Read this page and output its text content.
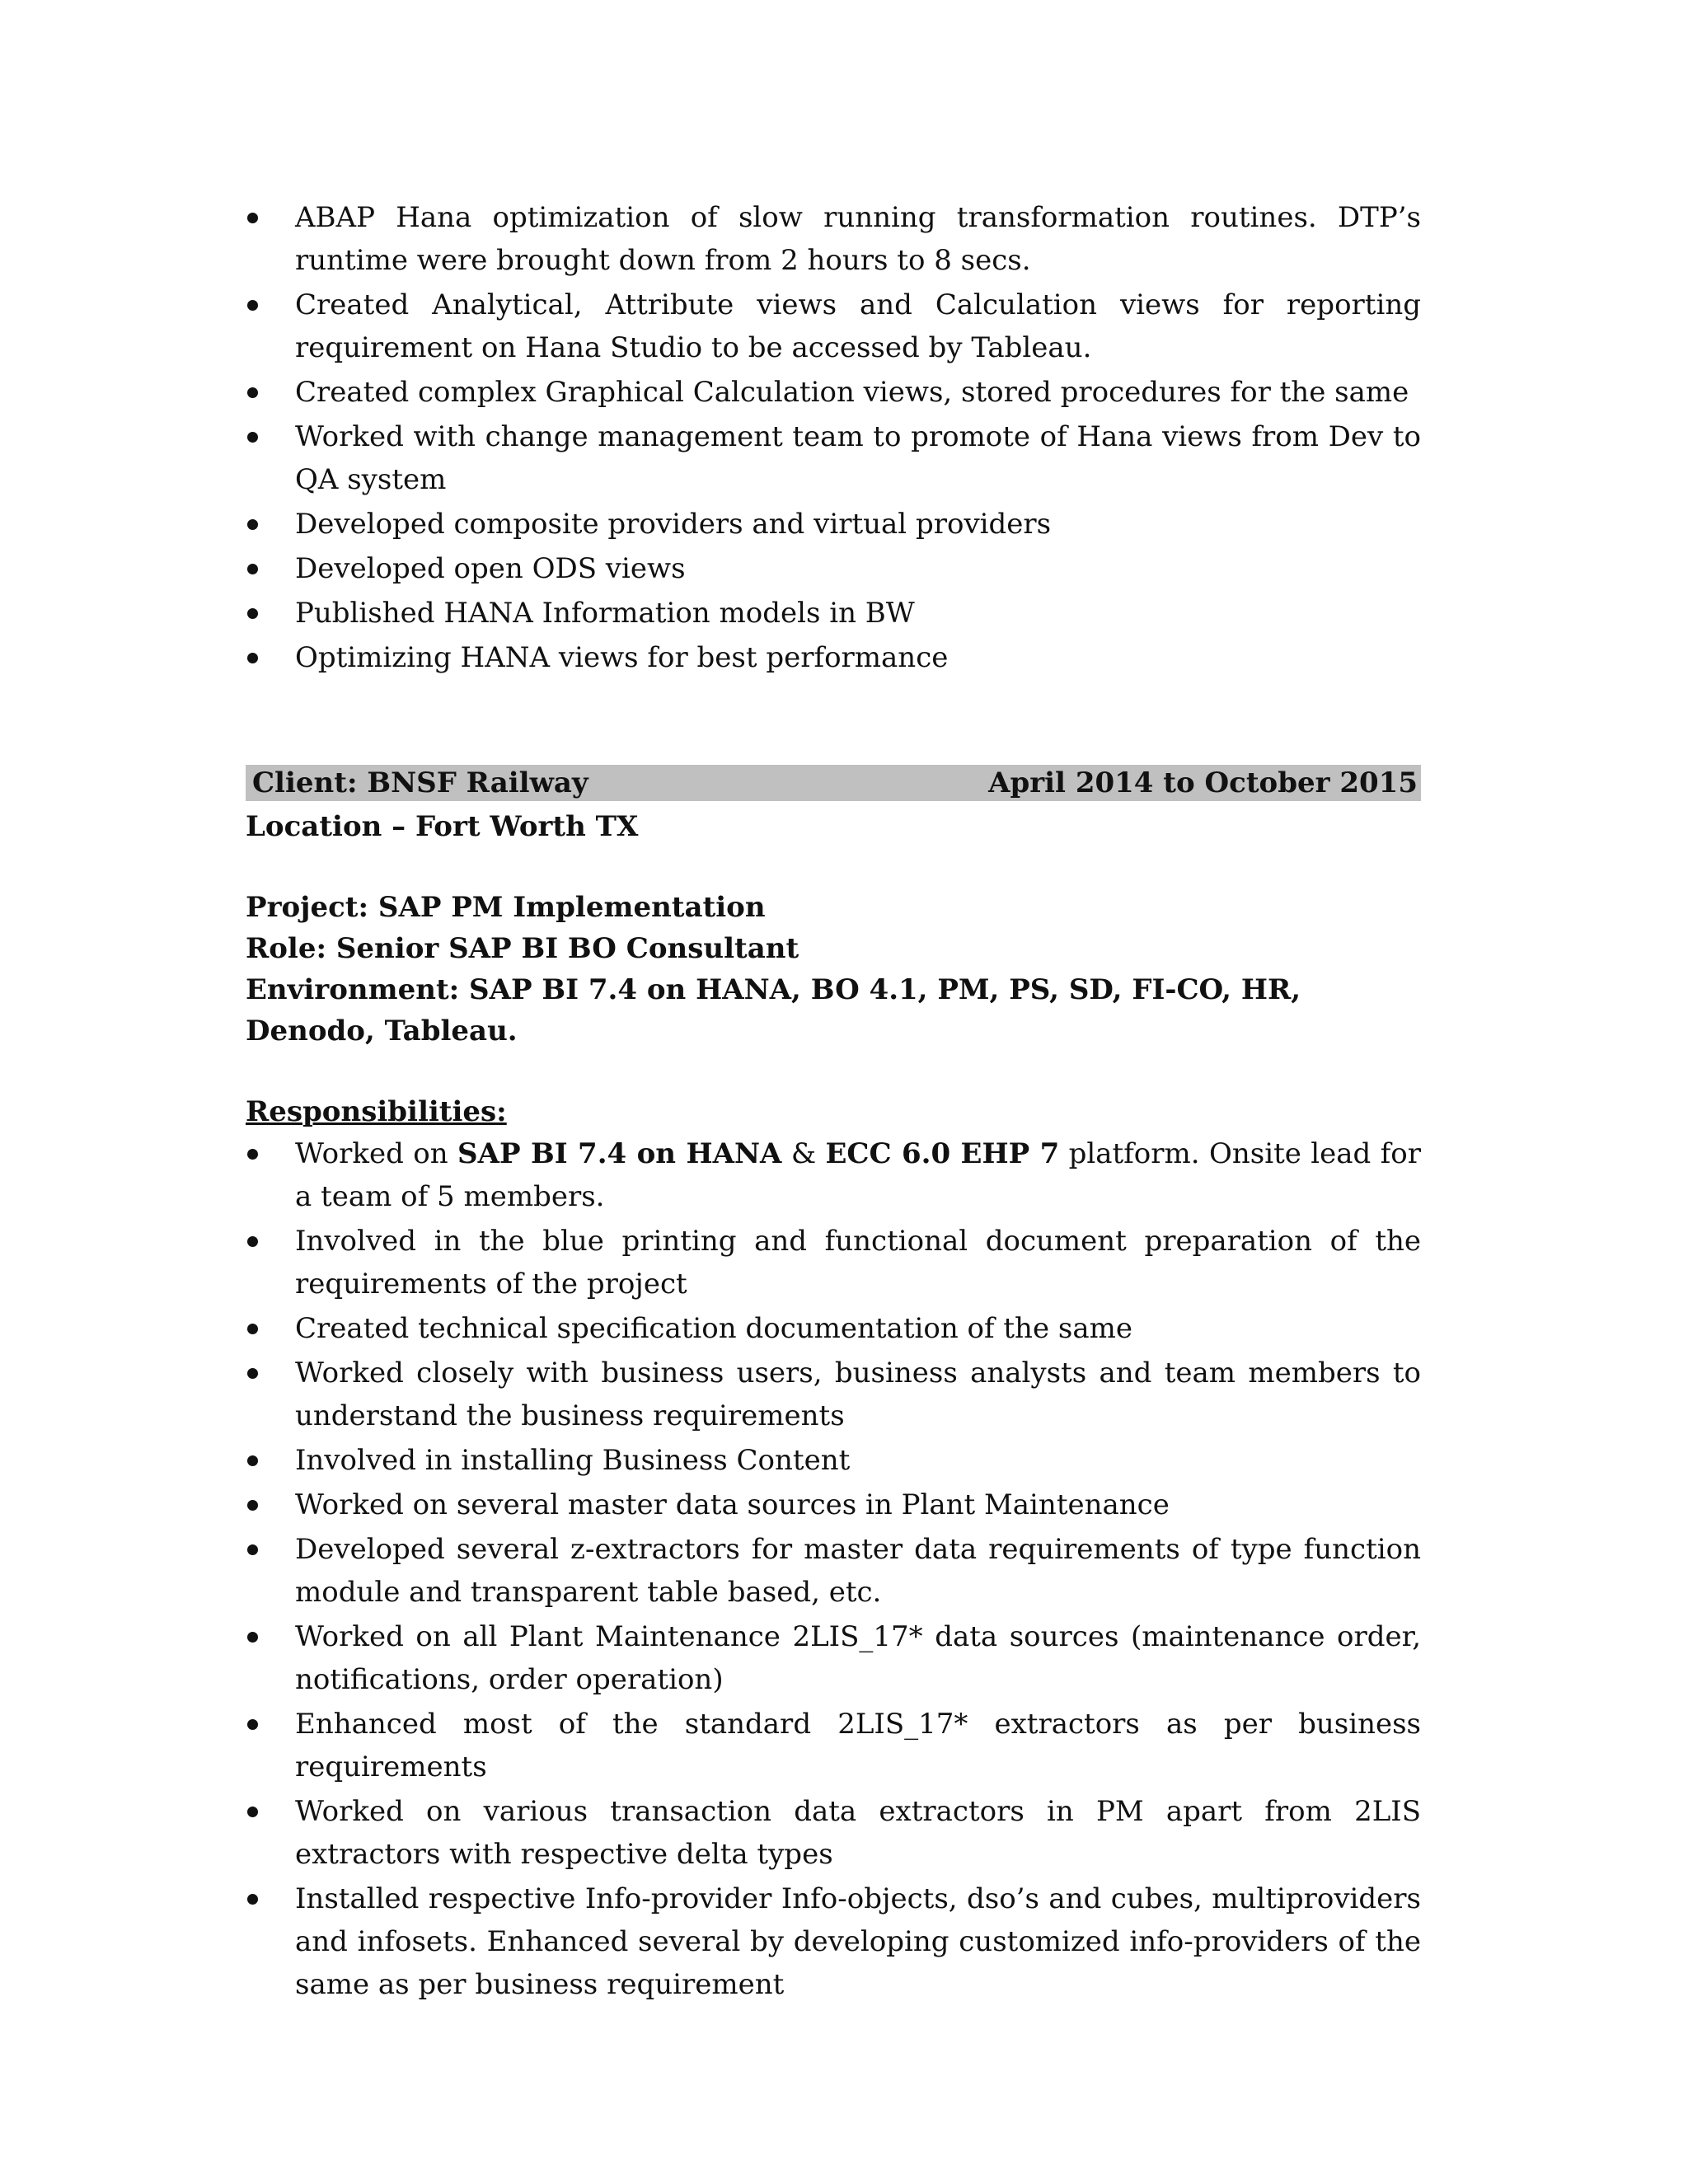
ABAP Hana optimization of slow running transformation routines. DTP’s runtime were brought down from 2 hours to 8 secs.
Created Analytical, Attribute views and Calculation views for reporting requirement on Hana Studio to be accessed by Tableau.
Created complex Graphical Calculation views, stored procedures for the same
Worked with change management team to promote of Hana views from Dev to QA system
Developed composite providers and virtual providers
Developed open ODS views
Published HANA Information models in BW
Optimizing HANA views for best performance
Client: BNSF Railway	April 2014 to October 2015
Location – Fort Worth TX
Project: SAP PM Implementation
Role: Senior SAP BI BO Consultant
Environment: SAP BI 7.4 on HANA, BO 4.1, PM, PS, SD, FI-CO, HR, Denodo, Tableau.
Responsibilities:
Worked on SAP BI 7.4 on HANA & ECC 6.0 EHP 7 platform. Onsite lead for a team of 5 members.
Involved in the blue printing and functional document preparation of the requirements of the project
Created technical specification documentation of the same
Worked closely with business users, business analysts and team members to understand the business requirements
Involved in installing Business Content
Worked on several master data sources in Plant Maintenance
Developed several z-extractors for master data requirements of type function module and transparent table based, etc.
Worked on all Plant Maintenance 2LIS_17* data sources (maintenance order, notifications, order operation)
Enhanced most of the standard 2LIS_17* extractors as per business requirements
Worked on various transaction data extractors in PM apart from 2LIS extractors with respective delta types
Installed respective Info-provider Info-objects, dso’s and cubes, multiproviders and infosets. Enhanced several by developing customized info-providers of the same as per business requirement
